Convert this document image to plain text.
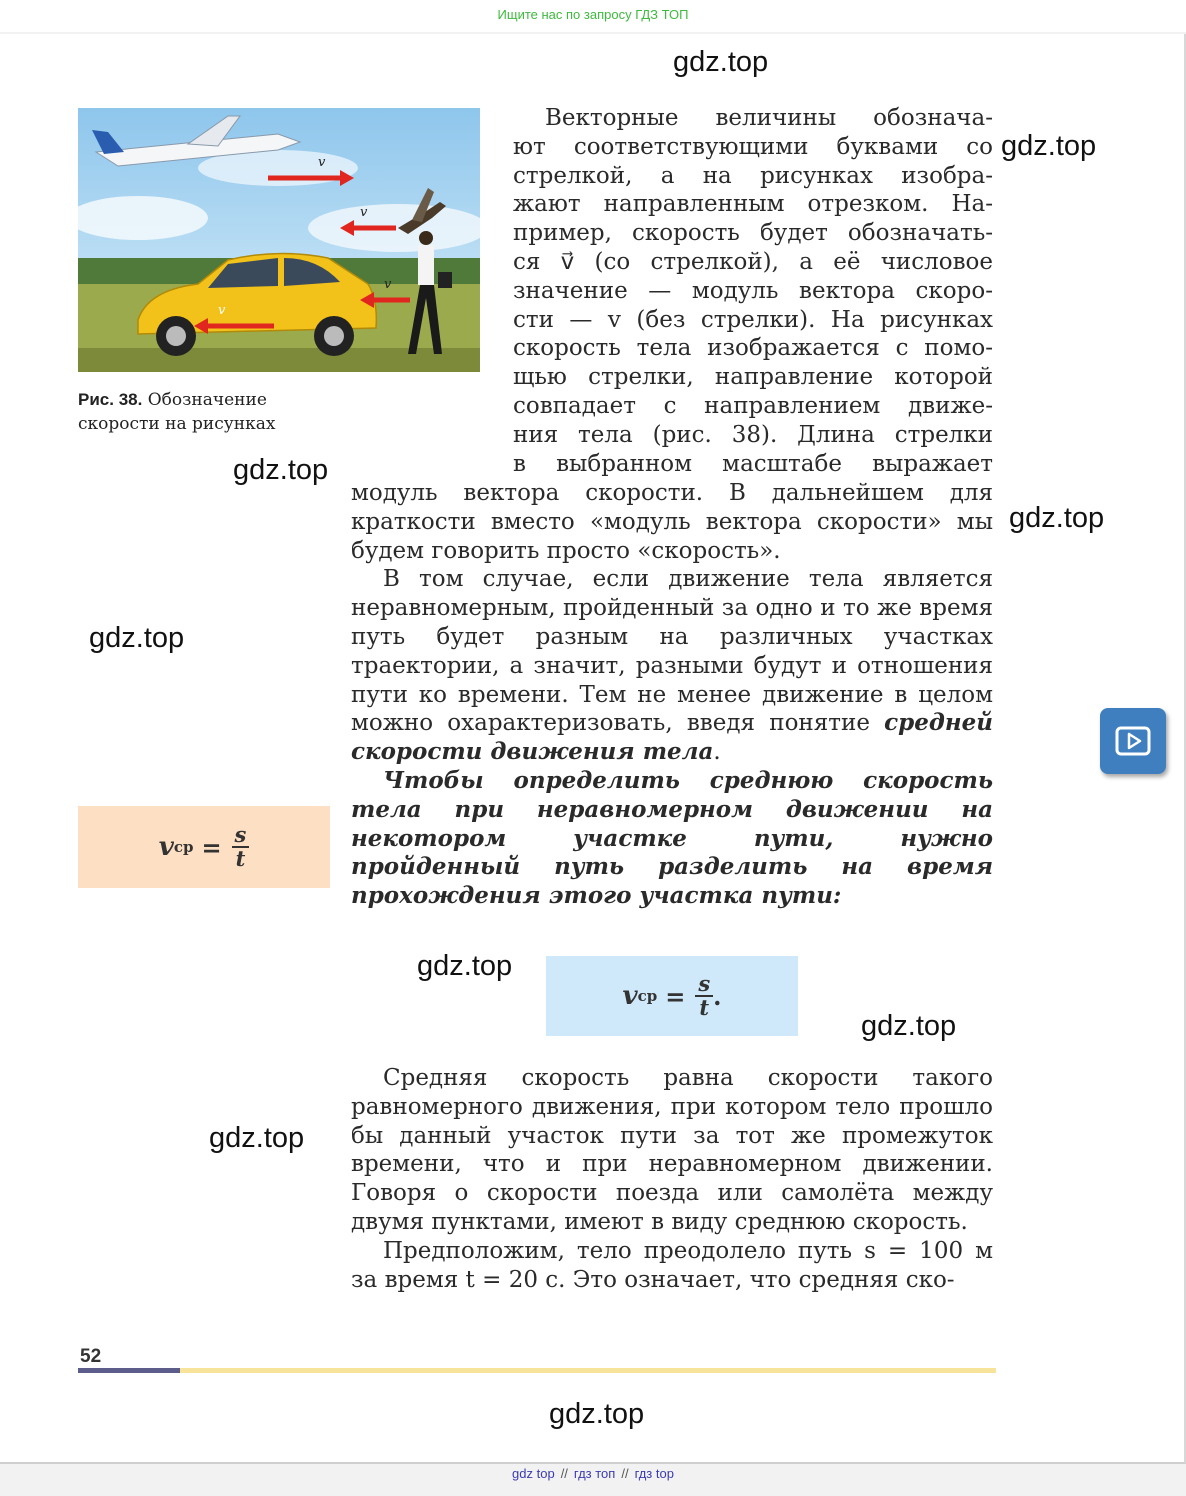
Ищите нас по запросу ГДЗ ТОП
gdz.top
gdz.top
gdz.top
gdz.top
gdz.top
gdz.top
gdz.top
gdz.top
gdz.top
v
v
v
v
Рис. 38. Обозначение скорости на рисунках

Векторные величины обознача-

ют соответствующими буквами со

стрелкой, а на рисунках изобра-

жают направленным отрезком. На-

пример, скорость будет обозначать-

ся v⃗ (со стрелкой), а её числовое

значение — модуль вектора скоро-

сти — v (без стрелки). На рисунках

скорость тела изображается с помо-

щью стрелки, направление которой

совпадает с направлением движе-

ния тела (рис. 38). Длина стрелки

в выбранном масштабе выражает

модуль вектора скорости. В дальнейшем для краткости вместо «модуль вектора скорости» мы будем говорить просто «скорость».

В том случае, если движение тела является неравномерным, пройденный за одно и то же время путь будет разным на различных участках траектории, а значит, разными будут и отношения пути ко времени. Тем не менее движение в целом можно охарактеризовать, введя понятие средней скорости движения тела.

Чтобы определить среднюю скорость тела при неравномерном движении на некотором участке пути, нужно пройденный путь разделить на время прохождения этого участка пути:

v ср = $\frac{s}{t}$
v ср = $\frac{s}{t}$ .

Средняя скорость равна скорости такого равномерного движения, при котором тело прошло бы данный участок пути за тот же промежуток времени, что и при неравномерном движении. Говоря о скорости поезда или самолёта между двумя пунктами, имеют в виду среднюю скорость.

Предположим, тело преодолело путь s = 100 м за время t = 20 с. Это означает, что средняя ско-

52
gdz top // гдз топ // гдз top
